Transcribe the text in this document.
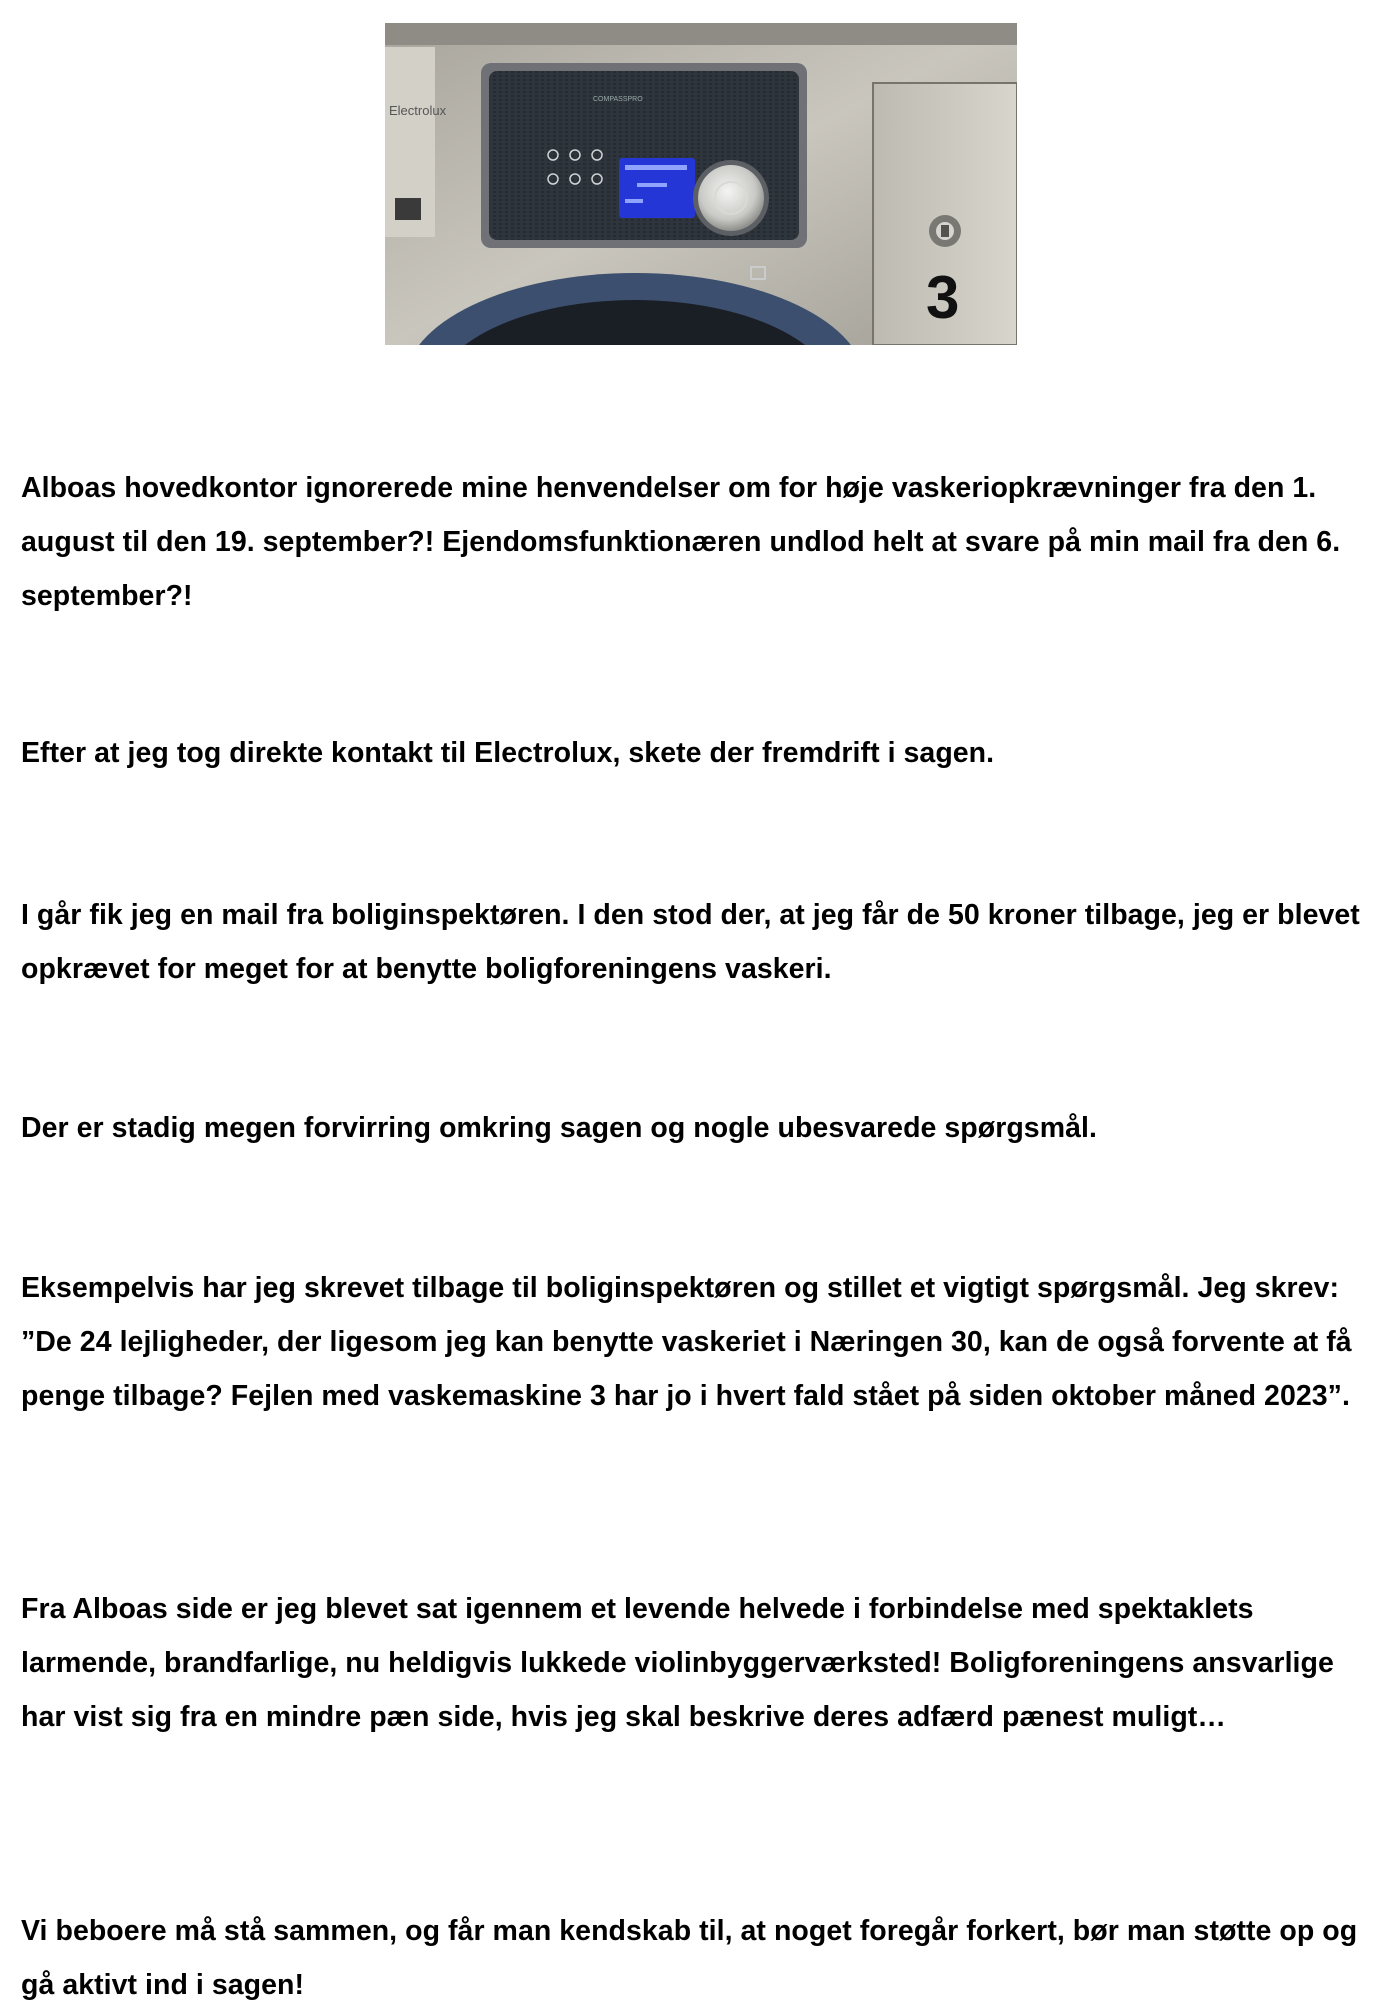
Electrolux
COMPASSPRO
3

Alboas hovedkontor ignorerede mine henvendelser om for høje vaskeriopkrævninger fra den 1. august til den 19. september?! Ejendomsfunktionæren undlod helt at svare på min mail fra den 6. september?!

Efter at jeg tog direkte kontakt til Electrolux, skete der fremdrift i sagen.

I går fik jeg en mail fra boliginspektøren. I den stod der, at jeg får de 50 kroner tilbage, jeg er blevet opkrævet for meget for at benytte boligforeningens vaskeri.

Der er stadig megen forvirring omkring sagen og nogle ubesvarede spørgsmål.

Eksempelvis har jeg skrevet tilbage til boliginspektøren og stillet et vigtigt spørgsmål. Jeg skrev: ”De 24 lejligheder, der ligesom jeg kan benytte vaskeriet i Næringen 30, kan de også forvente at få penge tilbage? Fejlen med vaskemaskine 3 har jo i hvert fald stået på siden oktober måned 2023”.

Fra Alboas side er jeg blevet sat igennem et levende helvede i forbindelse med spektaklets larmende, brandfarlige, nu heldigvis lukkede violinbyggerværksted! Boligforeningens ansvarlige har vist sig fra en mindre pæn side, hvis jeg skal beskrive deres adfærd pænest muligt…

Vi beboere må stå sammen, og får man kendskab til, at noget foregår forkert, bør man støtte op og gå aktivt ind i sagen!
